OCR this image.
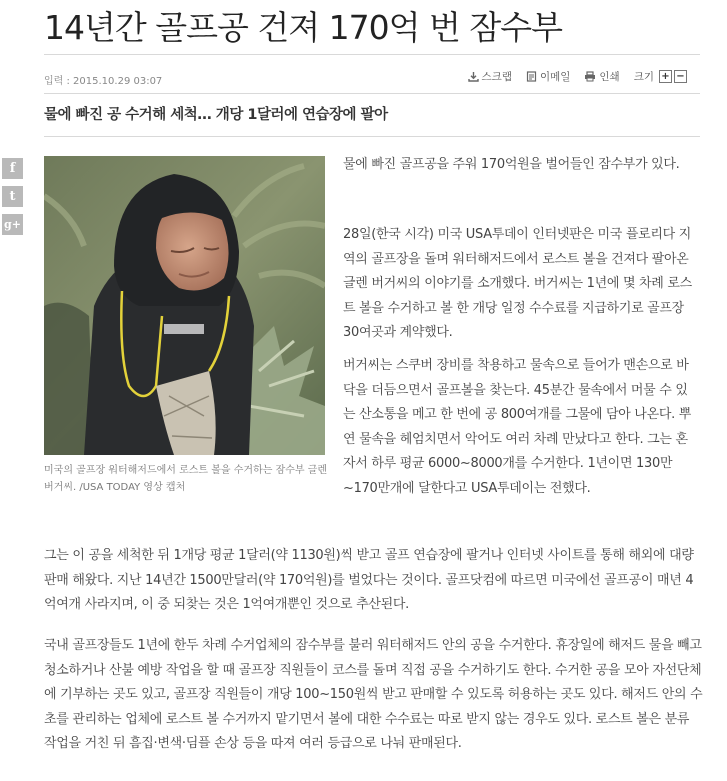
14년간 골프공 건져 170억 번 잠수부
입력 : 2015.10.29 03:07	스크랩	이메일	인쇄 크기 + −
물에 빠진 공 수거해 세척… 개당 1달러에 연습장에 팔아
f
t
g+
미국의 골프장 워터해저드에서 로스트 볼을 수거하는 잠수부 글렌 버거씨. /USA TODAY 영상 캡처

물에 빠진 골프공을 주워 170억원을 벌어들인 잠수부가 있다.

28일(한국 시각) 미국 USA투데이 인터넷판은 미국 플로리다 지역의 골프장을 돌며 워터해저드에서 로스트 볼을 건져다 팔아온 글렌 버거씨의 이야기를 소개했다. 버거씨는 1년에 몇 차례 로스트 볼을 수거하고 볼 한 개당 일정 수수료를 지급하기로 골프장 30여곳과 계약했다.

버거씨는 스쿠버 장비를 착용하고 물속으로 들어가 맨손으로 바닥을 더듬으면서 골프볼을 찾는다. 45분간 물속에서 머물 수 있는 산소통을 메고 한 번에 공 800여개를 그물에 담아 나온다. 뿌연 물속을 헤엄치면서 악어도 여러 차례 만났다고 한다. 그는 혼자서 하루 평균 6000~8000개를 수거한다. 1년이면 130만~170만개에 달한다고 USA투데이는 전했다.

그는 이 공을 세척한 뒤 1개당 평균 1달러(약 1130원)씩 받고 골프 연습장에 팔거나 인터넷 사이트를 통해 해외에 대량 판매 해왔다. 지난 14년간 1500만달러(약 170억원)를 벌었다는 것이다. 골프닷컴에 따르면 미국에선 골프공이 매년 4억여개 사라지며, 이 중 되찾는 것은 1억여개뿐인 것으로 추산된다.

국내 골프장들도 1년에 한두 차례 수거업체의 잠수부를 불러 워터해저드 안의 공을 수거한다. 휴장일에 해저드 물을 빼고 청소하거나 산불 예방 작업을 할 때 골프장 직원들이 코스를 돌며 직접 공을 수거하기도 한다. 수거한 공을 모아 자선단체에 기부하는 곳도 있고, 골프장 직원들이 개당 100~150원씩 받고 판매할 수 있도록 허용하는 곳도 있다. 해저드 안의 수초를 관리하는 업체에 로스트 볼 수거까지 맡기면서 볼에 대한 수수료는 따로 받지 않는 경우도 있다. 로스트 볼은 분류 작업을 거친 뒤 흠집·변색·딤플 손상 등을 따져 여러 등급으로 나눠 판매된다.
